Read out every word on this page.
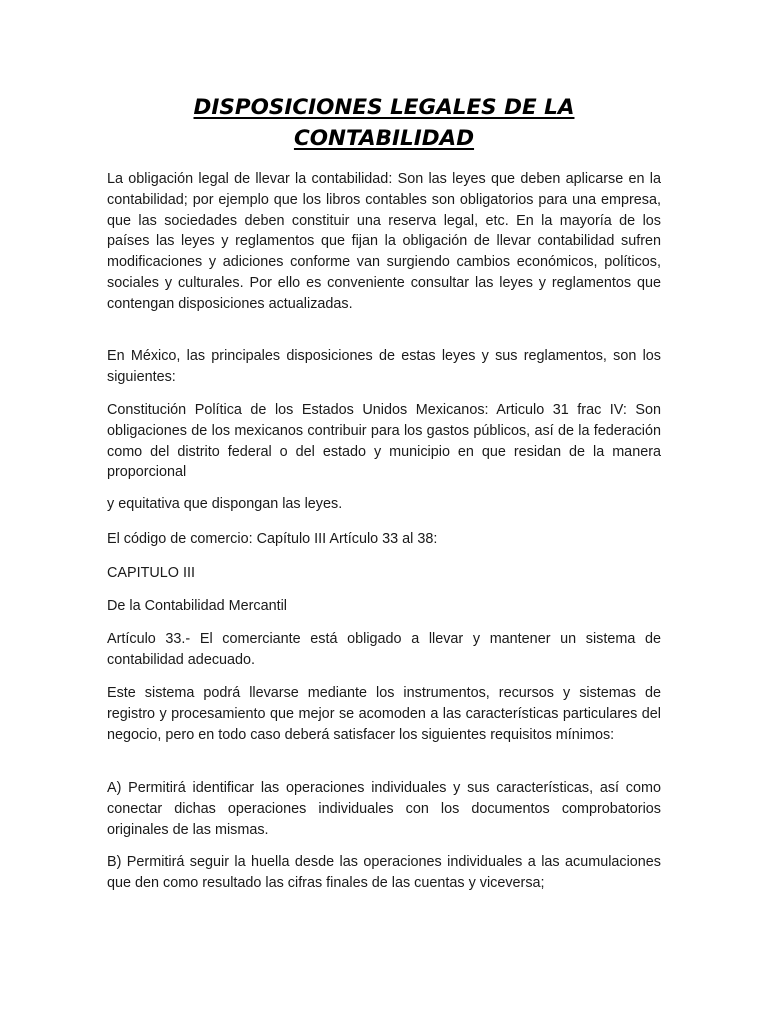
DISPOSICIONES LEGALES DE LA
CONTABILIDAD

La obligación legal de llevar la contabilidad: Son las leyes que deben aplicarse en la contabilidad; por ejemplo que los libros contables son obligatorios para una empresa, que las sociedades deben constituir una reserva legal, etc. En la mayoría de los países las leyes y reglamentos que fijan la obligación de llevar contabilidad sufren modificaciones y adiciones conforme van surgiendo cambios económicos, políticos, sociales y culturales. Por ello es conveniente consultar las leyes y reglamentos que contengan disposiciones actualizadas.

En México, las principales disposiciones de estas leyes y sus reglamentos, son los siguientes:

Constitución Política de los Estados Unidos Mexicanos: Articulo 31 frac IV: Son obligaciones de los mexicanos contribuir para los gastos públicos, así de la federación como del distrito federal o del estado y municipio en que residan de la manera proporcional

y equitativa que dispongan las leyes.

El código de comercio: Capítulo III Artículo 33 al 38:

CAPITULO III

De la Contabilidad Mercantil

Artículo 33.- El comerciante está obligado a llevar y mantener un sistema de contabilidad adecuado.

Este sistema podrá llevarse mediante los instrumentos, recursos y sistemas de registro y procesamiento que mejor se acomoden a las características particulares del negocio, pero en todo caso deberá satisfacer los siguientes requisitos mínimos:

A) Permitirá identificar las operaciones individuales y sus características, así como conectar dichas operaciones individuales con los documentos comprobatorios originales de las mismas.

B) Permitirá seguir la huella desde las operaciones individuales a las acumulaciones que den como resultado las cifras finales de las cuentas y viceversa;
